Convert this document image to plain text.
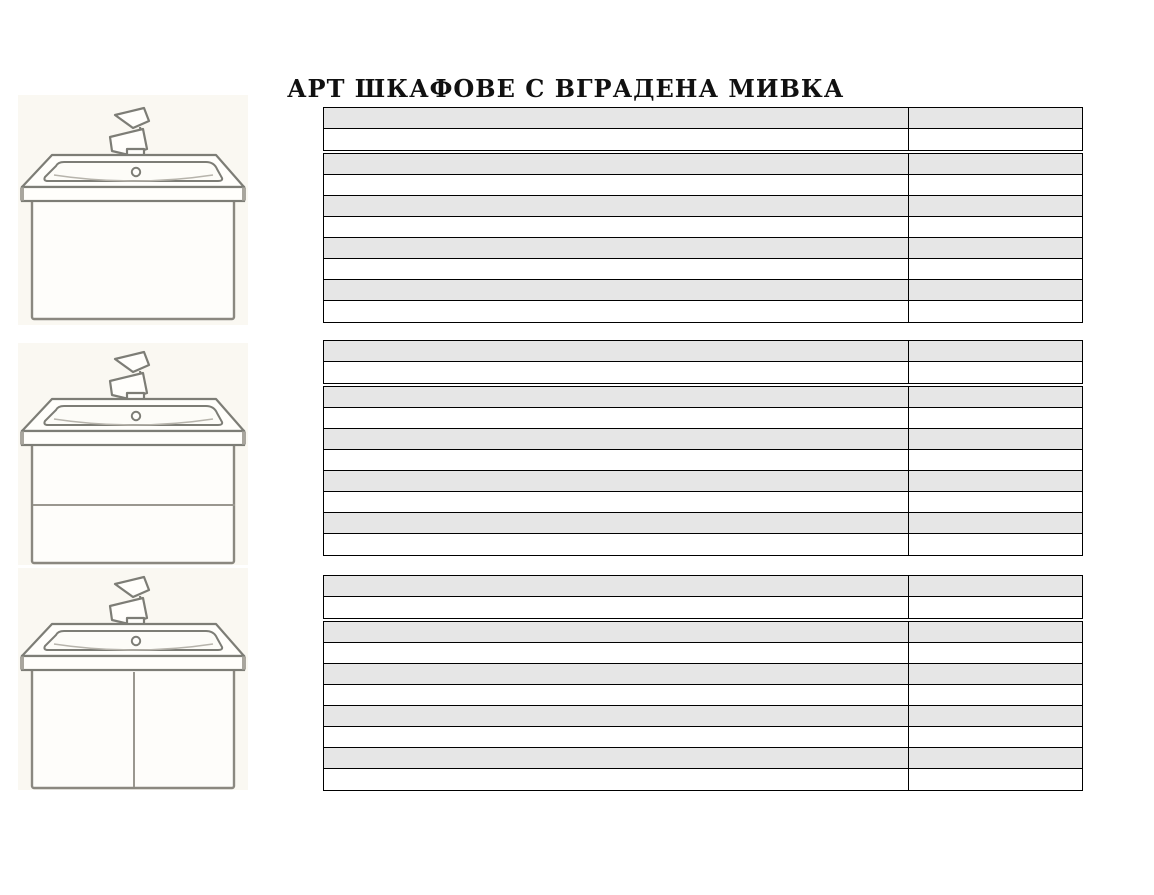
АРТ ШКАФОВЕ С ВГРАДЕНА МИВКА
